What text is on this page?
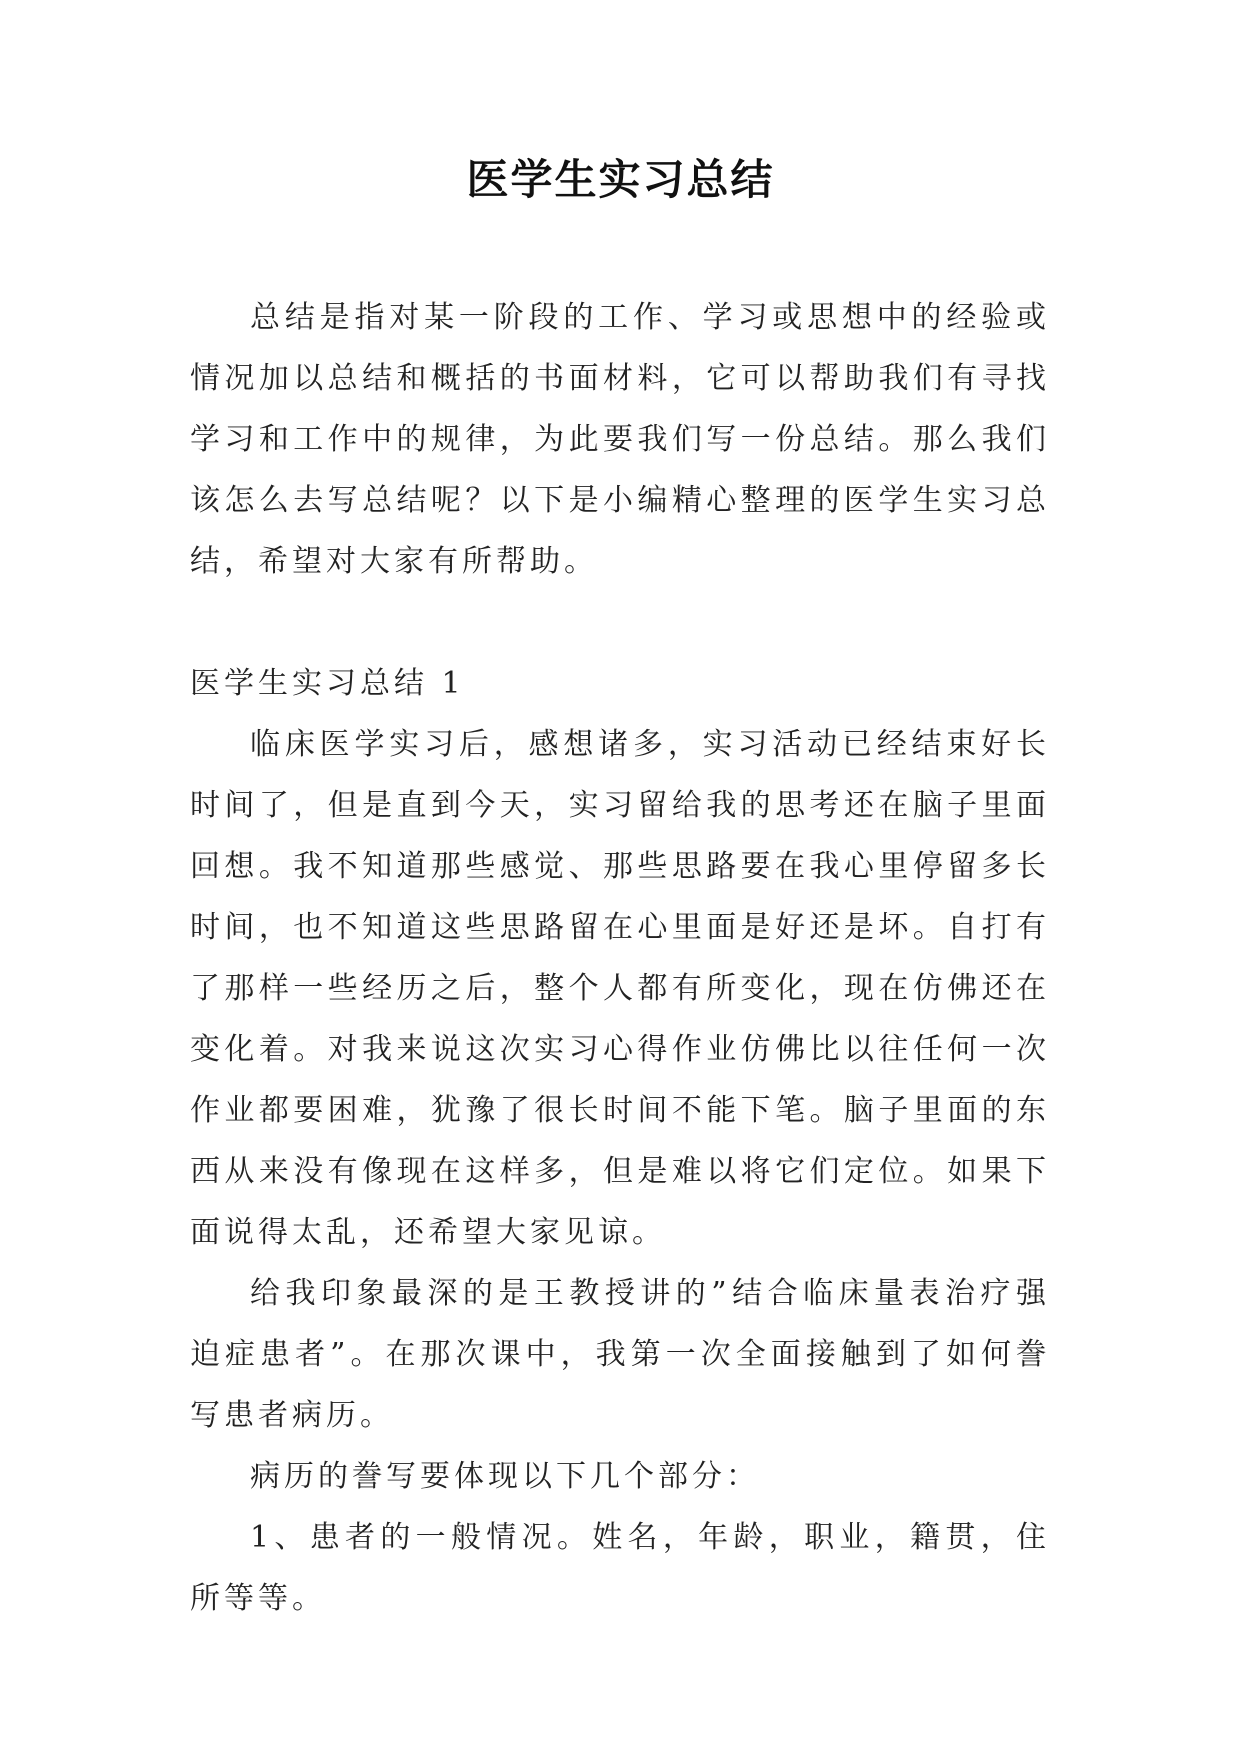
医学生实习总结

总结是指对某一阶段的工作、学习或思想中的经验或情况加以总结和概括的书面材料，它可以帮助我们有寻找学习和工作中的规律，为此要我们写一份总结。那么我们该怎么去写总结呢？以下是小编精心整理的医学生实习总结，希望对大家有所帮助。

医学生实习总结 1

临床医学实习后，感想诸多，实习活动已经结束好长时间了，但是直到今天，实习留给我的思考还在脑子里面回想。我不知道那些感觉、那些思路要在我心里停留多长时间，也不知道这些思路留在心里面是好还是坏。自打有了那样一些经历之后，整个人都有所变化，现在仿佛还在变化着。对我来说这次实习心得作业仿佛比以往任何一次作业都要困难，犹豫了很长时间不能下笔。脑子里面的东西从来没有像现在这样多，但是难以将它们定位。如果下面说得太乱，还希望大家见谅。

给我印象最深的是王教授讲的”结合临床量表治疗强迫症患者”。在那次课中，我第一次全面接触到了如何誊写患者病历。

病历的誊写要体现以下几个部分：

1、患者的一般情况。姓名，年龄，职业，籍贯，住所等等。
